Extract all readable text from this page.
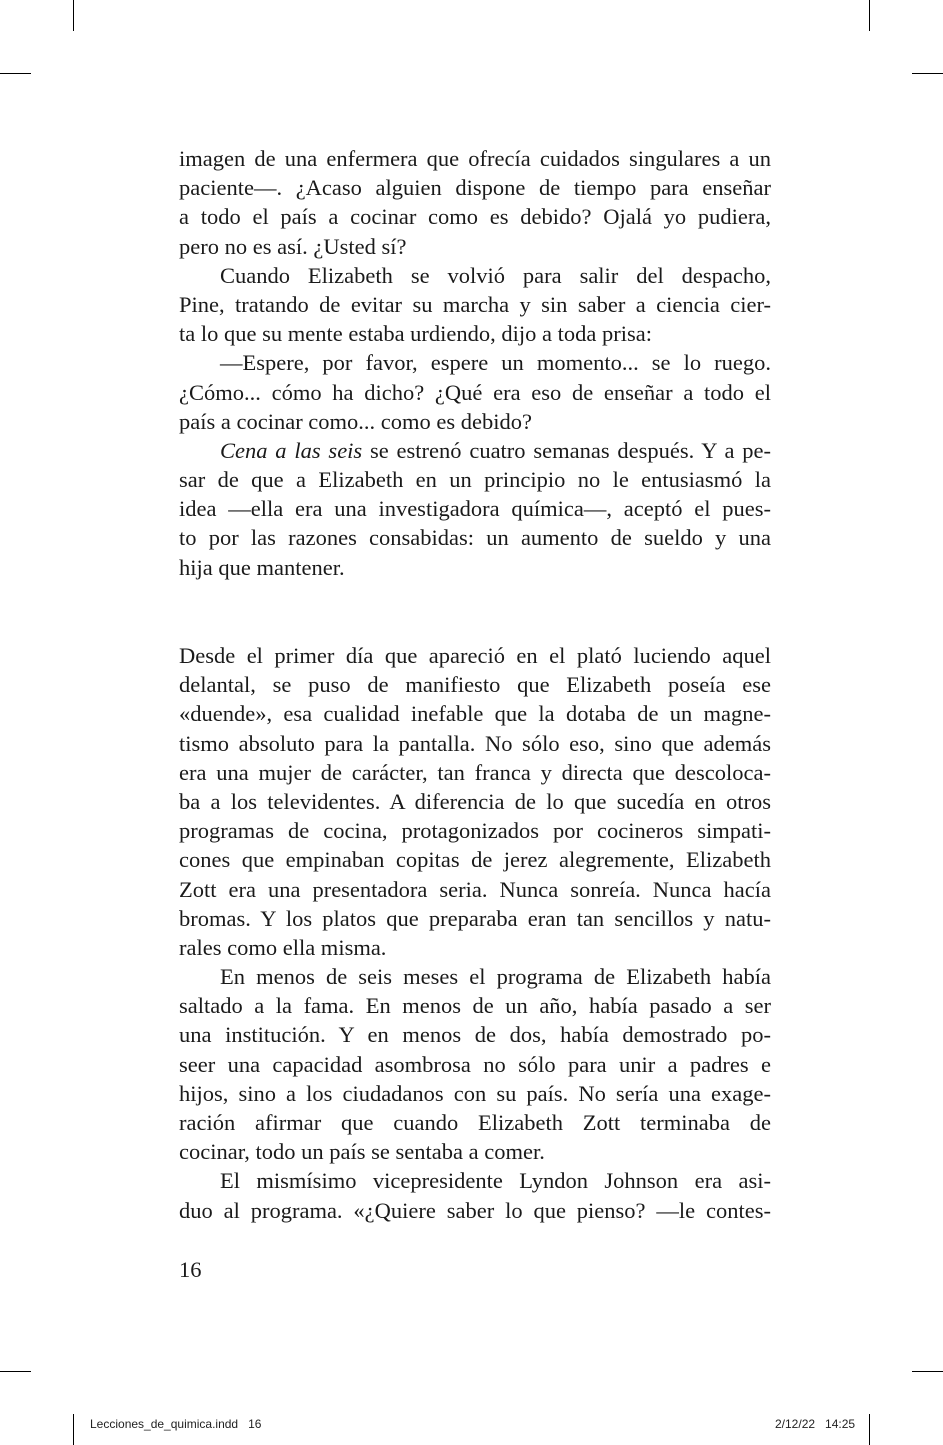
imagen de una enfermera que ofrecía cuidados singulares a un
paciente—. ¿Acaso alguien dispone de tiempo para enseñar
a todo el país a cocinar como es debido? Ojalá yo pudiera,
pero no es así. ¿Usted sí?
Cuando Elizabeth se volvió para salir del despacho,
Pine, tratando de evitar su marcha y sin saber a ciencia cier-
ta lo que su mente estaba urdiendo, dijo a toda prisa:
—Espere, por favor, espere un momento... se lo ruego.
¿Cómo... cómo ha dicho? ¿Qué era eso de enseñar a todo el
país a cocinar como... como es debido?
Cena a las seis se estrenó cuatro semanas después. Y a pe-
sar de que a Elizabeth en un principio no le entusiasmó la
idea —ella era una investigadora química—, aceptó el pues-
to por las razones consabidas: un aumento de sueldo y una
hija que mantener.
Desde el primer día que apareció en el plató luciendo aquel
delantal, se puso de manifiesto que Elizabeth poseía ese
«duende», esa cualidad inefable que la dotaba de un magne-
tismo absoluto para la pantalla. No sólo eso, sino que además
era una mujer de carácter, tan franca y directa que descoloca-
ba a los televidentes. A diferencia de lo que sucedía en otros
programas de cocina, protagonizados por cocineros simpati-
cones que empinaban copitas de jerez alegremente, Elizabeth
Zott era una presentadora seria. Nunca sonreía. Nunca hacía
bromas. Y los platos que preparaba eran tan sencillos y natu-
rales como ella misma.
En menos de seis meses el programa de Elizabeth había
saltado a la fama. En menos de un año, había pasado a ser
una institución. Y en menos de dos, había demostrado po-
seer una capacidad asombrosa no sólo para unir a padres e
hijos, sino a los ciudadanos con su país. No sería una exage-
ración afirmar que cuando Elizabeth Zott terminaba de
cocinar, todo un país se sentaba a comer.
El mismísimo vicepresidente Lyndon Johnson era asi-
duo al programa. «¿Quiere saber lo que pienso? —le contes-
16
Lecciones_de_quimica.indd   16	2/12/22   14:25
